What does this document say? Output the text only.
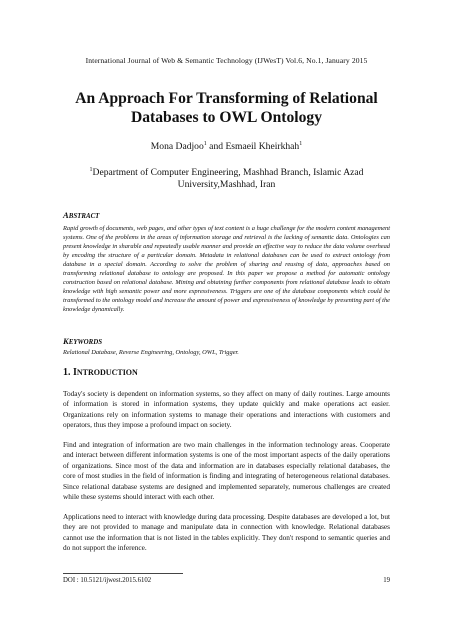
International Journal of Web & Semantic Technology (IJWesT) Vol.6, No.1, January 2015
An Approach For Transforming of Relational Databases to OWL Ontology
Mona Dadjoo$^1$ and Esmaeil Kheirkhah$^1$
$^1$Department of Computer Engineering, Mashhad Branch, Islamic Azad University,Mashhad, Iran
ABSTRACT
Rapid growth of documents, web pages, and other types of text content is a huge challenge for the modern content management systems. One of the problems in the areas of information storage and retrieval is the lacking of semantic data. Ontologies can present knowledge in sharable and repeatedly usable manner and provide an effective way to reduce the data volume overhead by encoding the structure of a particular domain. Metadata in relational databases can be used to extract ontology from database in a special domain. According to solve the problem of sharing and reusing of data, approaches based on transforming relational database to ontology are proposed. In this paper we propose a method for automatic ontology construction based on relational database. Mining and obtaining further components from relational database leads to obtain knowledge with high semantic power and more expressiveness. Triggers are one of the database components which could be transformed to the ontology model and increase the amount of power and expressiveness of knowledge by presenting part of the knowledge dynamically.
KEYWORDS
Relational Database, Reverse Engineering, Ontology, OWL, Trigger.
1. INTRODUCTION

Today's society is dependent on information systems, so they affect on many of daily routines. Large amounts of information is stored in information systems, they update quickly and make operations act easier. Organizations rely on information systems to manage their operations and interactions with customers and operators, thus they impose a profound impact on society.

Find and integration of information are two main challenges in the information technology areas. Cooperate and interact between different information systems is one of the most important aspects of the daily operations of organizations. Since most of the data and information are in databases especially relational databases, the core of most studies in the field of information is finding and integrating of heterogeneous relational databases. Since relational database systems are designed and implemented separately, numerous challenges are created while these systems should interact with each other.

Applications need to interact with knowledge during data processing. Despite databases are developed a lot, but they are not provided to manage and manipulate data in connection with knowledge. Relational databases cannot use the information that is not listed in the tables explicitly. They don't respond to semantic queries and do not support the inference.

DOI : 10.5121/ijwest.2015.6102	19
